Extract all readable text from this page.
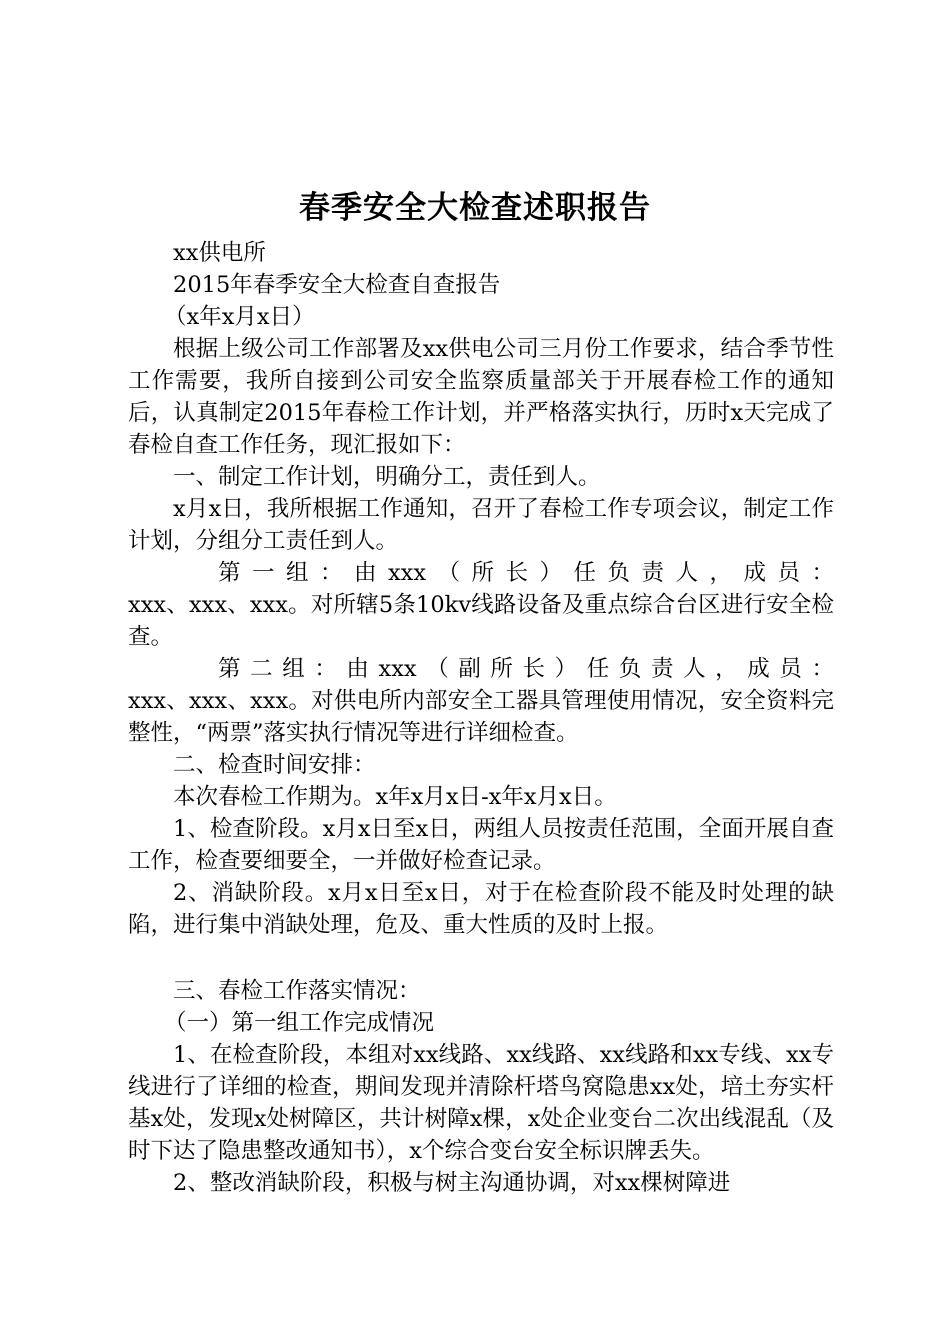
春季安全大检查述职报告

xx供电所

2015年春季安全大检查自查报告

（x年x月x日）

根据上级公司工作部署及xx供电公司三月份工作要求，结合季节性工作需要，我所自接到公司安全监察质量部关于开展春检工作的通知后，认真制定2015年春检工作计划，并严格落实执行，历时x天完成了春检自查工作任务，现汇报如下：

一、制定工作计划，明确分工，责任到人。

x月x日，我所根据工作通知，召开了春检工作专项会议，制定工作计划，分组分工责任到人。

第一组：由xxx（所长）任负责人，成员：

xxx、xxx、xxx。对所辖5条10kv线路设备及重点综合台区进行安全检查。

第二组：由xxx（副所长）任负责人，成员：

xxx、xxx、xxx。对供电所内部安全工器具管理使用情况，安全资料完整性，“两票”落实执行情况等进行详细检查。

二、检查时间安排：

本次春检工作期为。x年x月x日-x年x月x日。

1、检查阶段。x月x日至x日，两组人员按责任范围，全面开展自查工作，检查要细要全，一并做好检查记录。

2、消缺阶段。x月x日至x日，对于在检查阶段不能及时处理的缺陷，进行集中消缺处理，危及、重大性质的及时上报。

三、春检工作落实情况：

（一）第一组工作完成情况

1、在检查阶段，本组对xx线路、xx线路、xx线路和xx专线、xx专线进行了详细的检查，期间发现并清除杆塔鸟窝隐患xx处，培土夯实杆基x处，发现x处树障区，共计树障x棵，x处企业变台二次出线混乱（及时下达了隐患整改通知书），x个综合变台安全标识牌丢失。

2、整改消缺阶段，积极与树主沟通协调，对xx棵树障进
